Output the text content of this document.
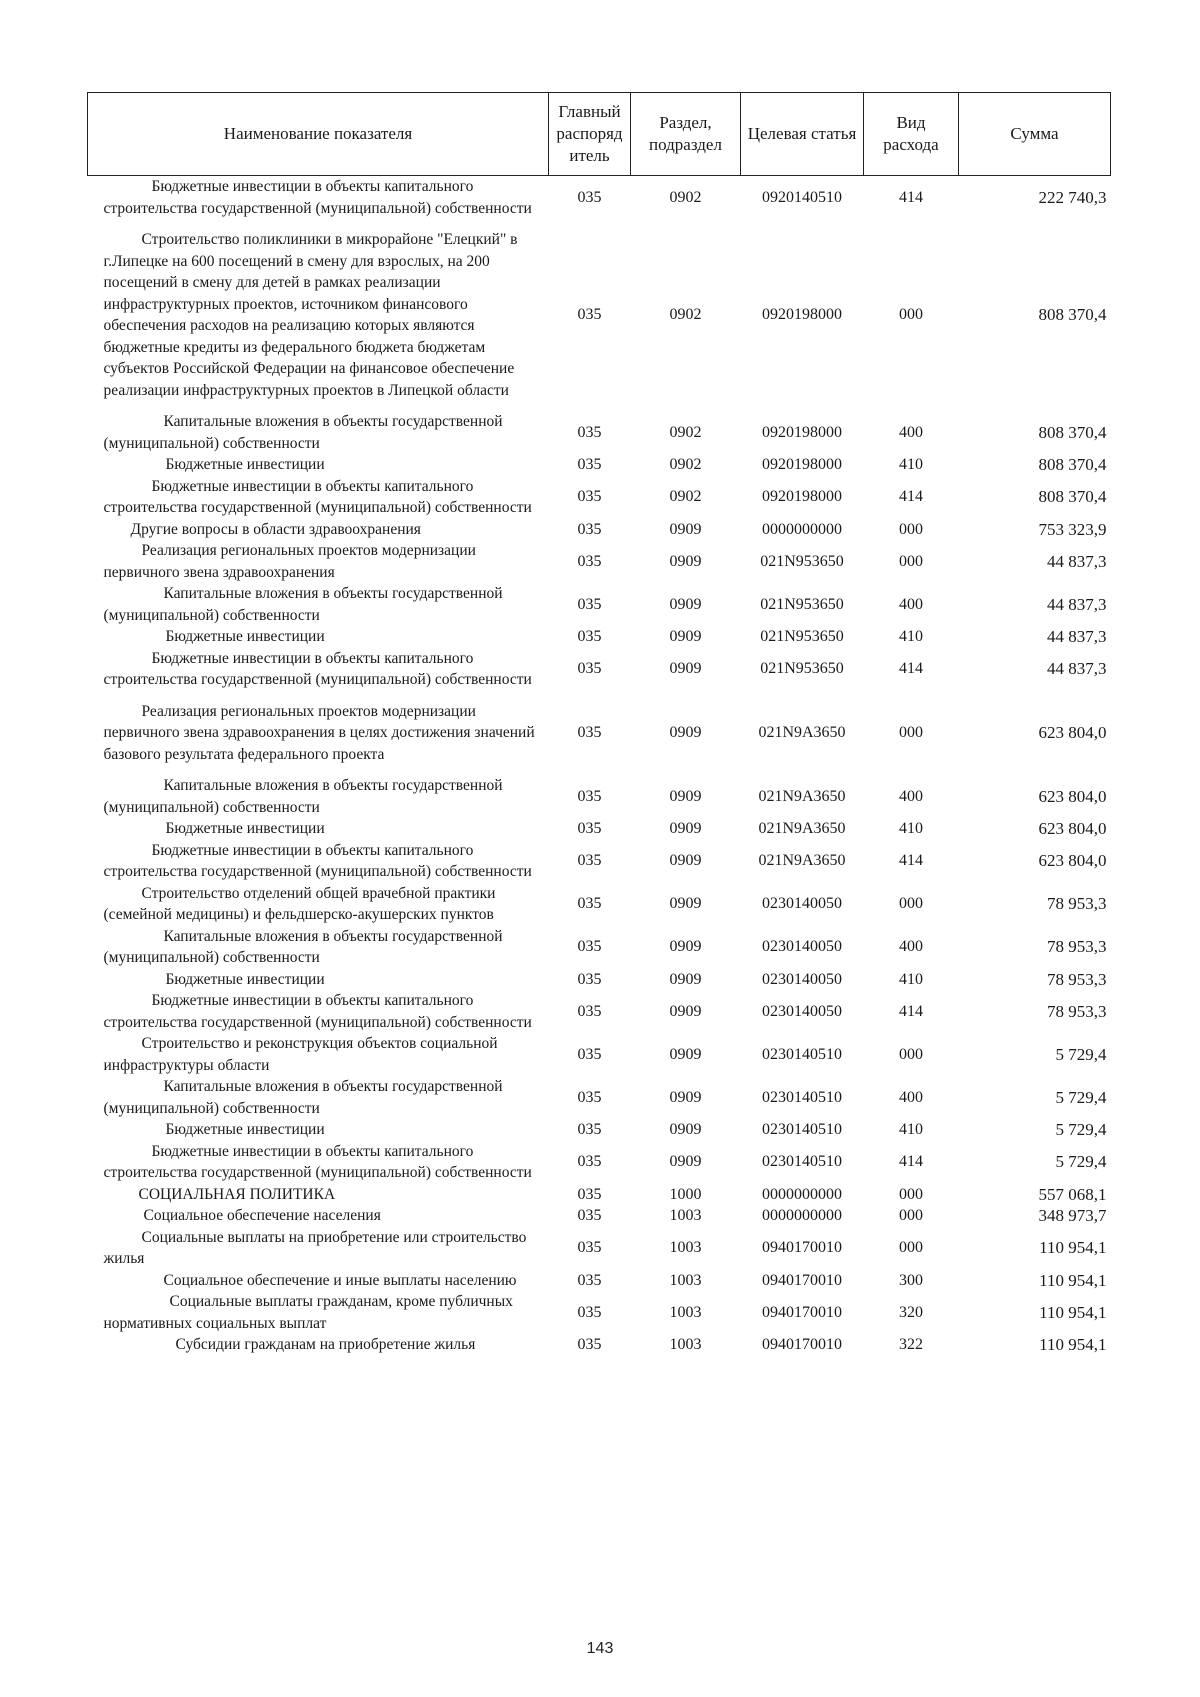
Наименование показателя	Главный распоряд итель	Раздел, подраздел	Целевая статья	Вид расхода	Сумма

Бюджетные инвестиции в объекты капитального строительства государственной (муниципальной) собственности	035	0902	0920140510	414	222 740,3

Строительство поликлиники в микрорайоне "Елецкий" в г.Липецке на 600 посещений в смену для взрослых, на 200 посещений в смену для детей в рамках реализации инфраструктурных проектов, источником финансового обеспечения расходов на реализацию которых являются бюджетные кредиты из федерального бюджета бюджетам субъектов Российской Федерации на финансовое обеспечение реализации инфраструктурных проектов в Липецкой области	035	0902	0920198000	000	808 370,4

Капитальные вложения в объекты государственной (муниципальной) собственности	035	0902	0920198000	400	808 370,4

Бюджетные инвестиции	035	0902	0920198000	410	808 370,4

Бюджетные инвестиции в объекты капитального строительства государственной (муниципальной) собственности	035	0902	0920198000	414	808 370,4

Другие вопросы в области здравоохранения	035	0909	0000000000	000	753 323,9

Реализация региональных проектов модернизации первичного звена здравоохранения	035	0909	021N953650	000	44 837,3

Капитальные вложения в объекты государственной (муниципальной) собственности	035	0909	021N953650	400	44 837,3

Бюджетные инвестиции	035	0909	021N953650	410	44 837,3

Бюджетные инвестиции в объекты капитального строительства государственной (муниципальной) собственности	035	0909	021N953650	414	44 837,3

Реализация региональных проектов модернизации первичного звена здравоохранения в целях достижения значений базового результата федерального проекта	035	0909	021N9A3650	000	623 804,0

Капитальные вложения в объекты государственной (муниципальной) собственности	035	0909	021N9A3650	400	623 804,0

Бюджетные инвестиции	035	0909	021N9A3650	410	623 804,0

Бюджетные инвестиции в объекты капитального строительства государственной (муниципальной) собственности	035	0909	021N9A3650	414	623 804,0

Строительство отделений общей врачебной практики (семейной медицины) и фельдшерско-акушерских пунктов	035	0909	0230140050	000	78 953,3

Капитальные вложения в объекты государственной (муниципальной) собственности	035	0909	0230140050	400	78 953,3

Бюджетные инвестиции	035	0909	0230140050	410	78 953,3

Бюджетные инвестиции в объекты капитального строительства государственной (муниципальной) собственности	035	0909	0230140050	414	78 953,3

Строительство и реконструкция объектов социальной инфраструктуры области	035	0909	0230140510	000	5 729,4

Капитальные вложения в объекты государственной (муниципальной) собственности	035	0909	0230140510	400	5 729,4

Бюджетные инвестиции	035	0909	0230140510	410	5 729,4

Бюджетные инвестиции в объекты капитального строительства государственной (муниципальной) собственности	035	0909	0230140510	414	5 729,4

СОЦИАЛЬНАЯ ПОЛИТИКА	035	1000	0000000000	000	557 068,1

Социальное обеспечение населения	035	1003	0000000000	000	348 973,7

Социальные выплаты на приобретение или строительство жилья	035	1003	0940170010	000	110 954,1

Социальное обеспечение и иные выплаты населению	035	1003	0940170010	300	110 954,1

Социальные выплаты гражданам, кроме публичных нормативных социальных выплат	035	1003	0940170010	320	110 954,1

Субсидии гражданам на приобретение жилья	035	1003	0940170010	322	110 954,1
143
